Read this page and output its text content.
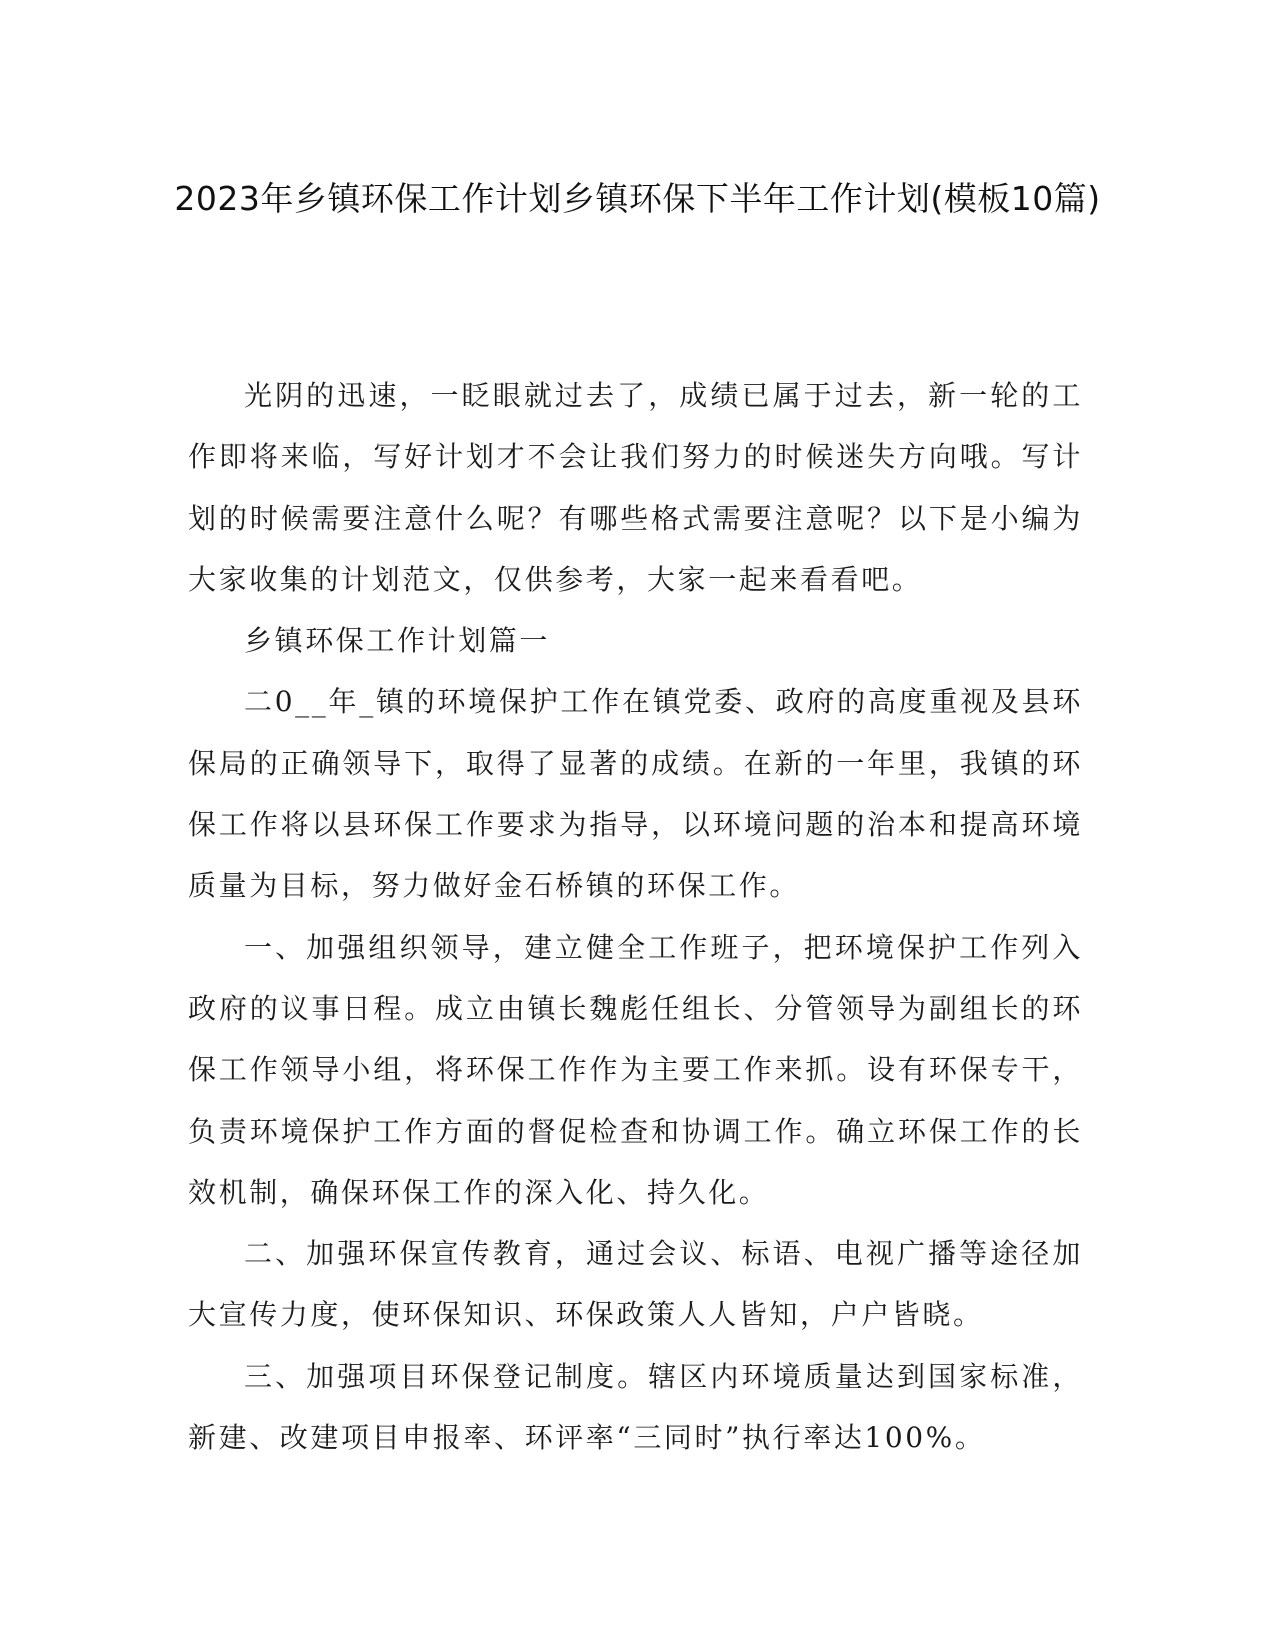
2023年乡镇环保工作计划乡镇环保下半年工作计划(模板10篇)

光阴的迅速，一眨眼就过去了，成绩已属于过去，新一轮的工作即将来临，写好计划才不会让我们努力的时候迷失方向哦。写计划的时候需要注意什么呢？有哪些格式需要注意呢？以下是小编为大家收集的计划范文，仅供参考，大家一起来看看吧。

乡镇环保工作计划篇一

二0__年_镇的环境保护工作在镇党委、政府的高度重视及县环保局的正确领导下，取得了显著的成绩。在新的一年里，我镇的环保工作将以县环保工作要求为指导，以环境问题的治本和提高环境质量为目标，努力做好金石桥镇的环保工作。

一、加强组织领导，建立健全工作班子，把环境保护工作列入政府的议事日程。成立由镇长魏彪任组长、分管领导为副组长的环保工作领导小组，将环保工作作为主要工作来抓。设有环保专干，负责环境保护工作方面的督促检查和协调工作。确立环保工作的长效机制，确保环保工作的深入化、持久化。

二、加强环保宣传教育，通过会议、标语、电视广播等途径加大宣传力度，使环保知识、环保政策人人皆知，户户皆晓。

三、加强项目环保登记制度。辖区内环境质量达到国家标准，新建、改建项目申报率、环评率“三同时”执行率达100%。
